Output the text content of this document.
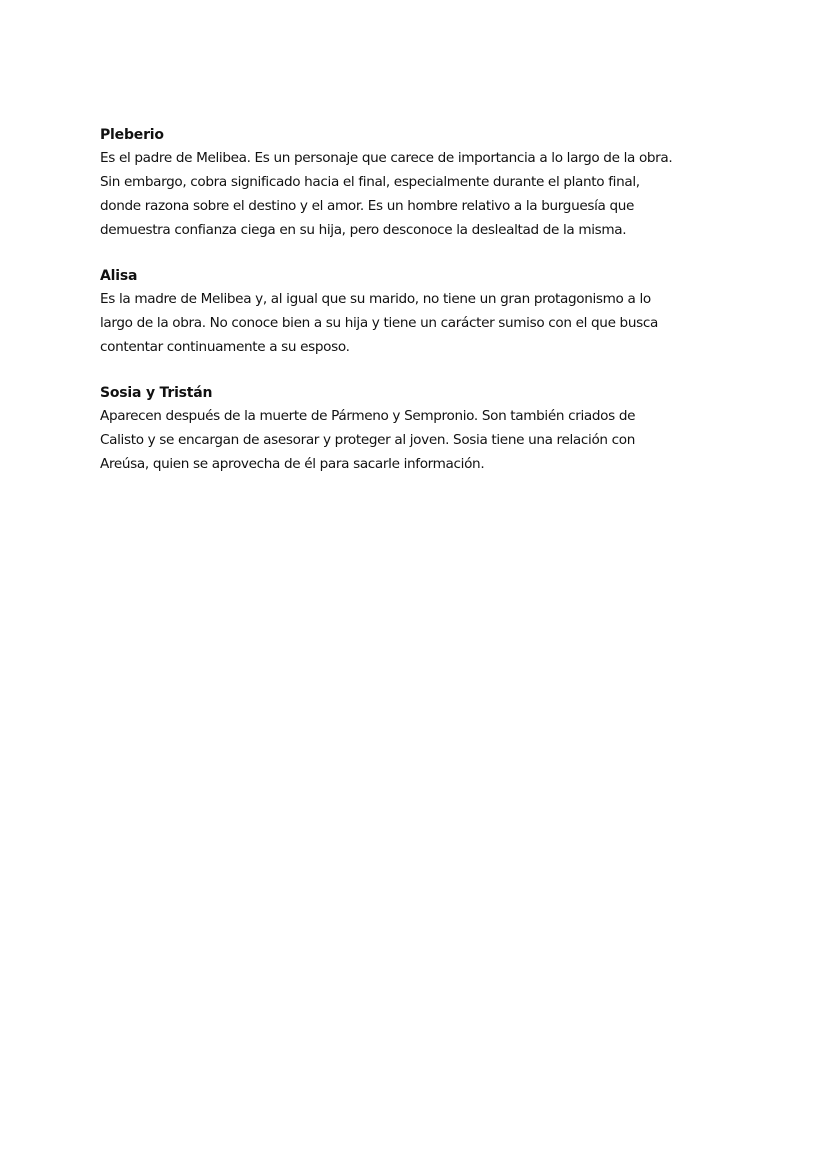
Pleberio
Es el padre de Melibea. Es un personaje que carece de importancia a lo largo de la obra.
Sin embargo, cobra significado hacia el final, especialmente durante el planto final,
donde razona sobre el destino y el amor. Es un hombre relativo a la burguesía que
demuestra confianza ciega en su hija, pero desconoce la deslealtad de la misma.
Alisa
Es la madre de Melibea y, al igual que su marido, no tiene un gran protagonismo a lo
largo de la obra. No conoce bien a su hija y tiene un carácter sumiso con el que busca
contentar continuamente a su esposo.
Sosia y Tristán
Aparecen después de la muerte de Pármeno y Sempronio. Son también criados de
Calisto y se encargan de asesorar y proteger al joven. Sosia tiene una relación con
Areúsa, quien se aprovecha de él para sacarle información.
